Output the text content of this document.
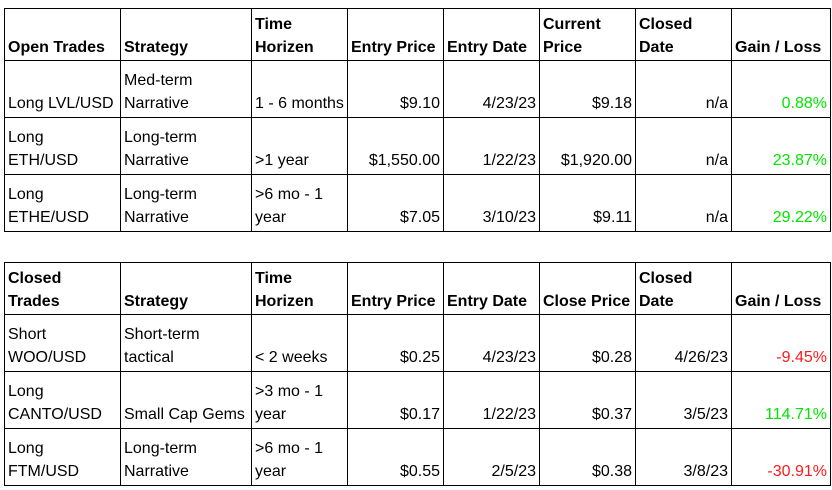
Open Trades	Strategy	Time Horizen	Entry Price	Entry Date	Current Price	Closed Date	Gain / Loss
Long LVL/USD	Med-term Narrative	1 - 6 months	$9.10	4/23/23	$9.18	n/a	0.88%
Long ETH/USD	Long-term Narrative	>1 year	$1,550.00	1/22/23	$1,920.00	n/a	23.87%
Long ETHE/USD	Long-term Narrative	>6 mo - 1 year	$7.05	3/10/23	$9.11	n/a	29.22%
Closed Trades	Strategy	Time Horizen	Entry Price	Entry Date	Close Price	Closed Date	Gain / Loss
Short WOO/USD	Short-term tactical	< 2 weeks	$0.25	4/23/23	$0.28	4/26/23	-9.45%
Long CANTO/USD	Small Cap Gems	>3 mo - 1 year	$0.17	1/22/23	$0.37	3/5/23	114.71%
Long FTM/USD	Long-term Narrative	>6 mo - 1 year	$0.55	2/5/23	$0.38	3/8/23	-30.91%
